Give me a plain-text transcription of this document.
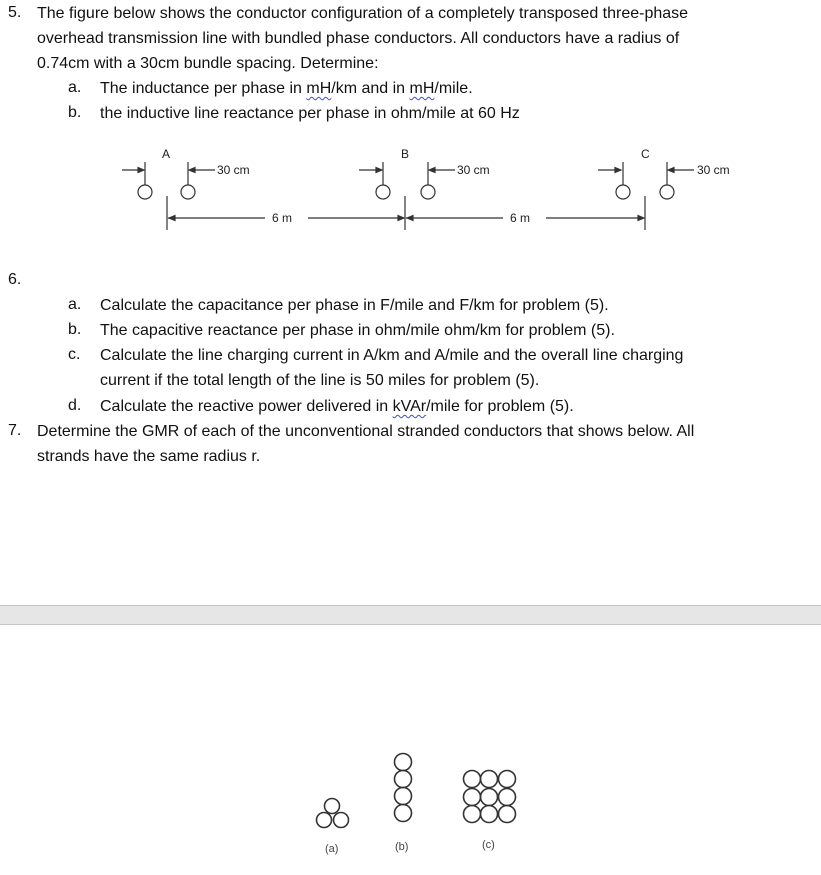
5. The figure below shows the conductor configuration of a completely transposed three-phase
overhead transmission line with bundled phase conductors. All conductors have a radius of
0.74cm with a 30cm bundle spacing. Determine:
a. The inductance per phase in mH/km and in mH/mile.
b. the inductive line reactance per phase in ohm/mile at 60 Hz
A	B	C
30 cm	30 cm	30 cm
6 m	6 m
6.
a. Calculate the capacitance per phase in F/mile and F/km for problem (5).
b. The capacitive reactance per phase in ohm/mile ohm/km for problem (5).
c. Calculate the line charging current in A/km and A/mile and the overall line charging
current if the total length of the line is 50 miles for problem (5).
d. Calculate the reactive power delivered in kVAr/mile for problem (5).
7. Determine the GMR of each of the unconventional stranded conductors that shows below. All
strands have the same radius r.
(a)	(b)	(c)
